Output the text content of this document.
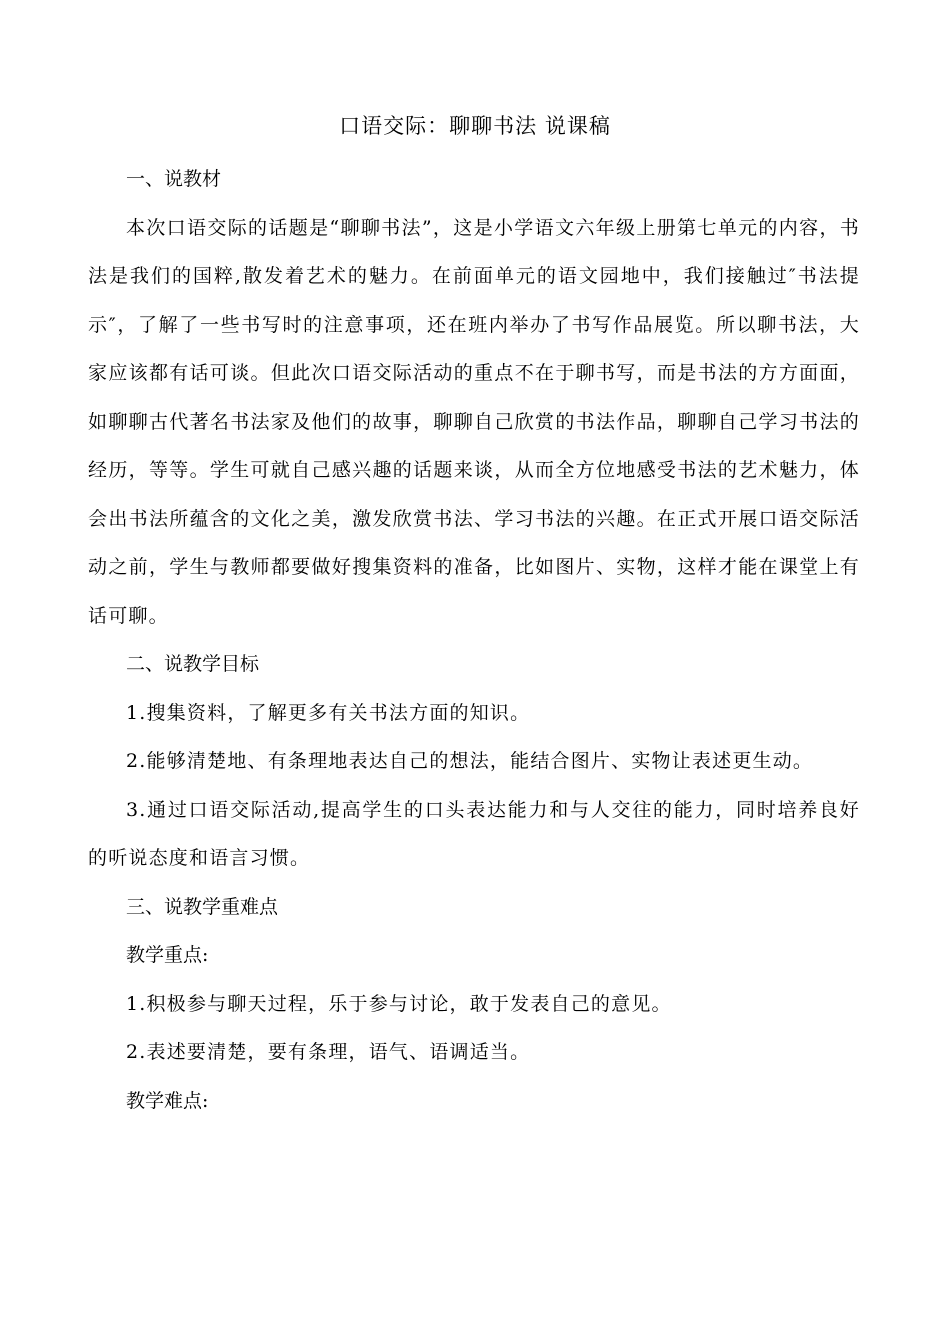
口语交际：聊聊书法 说课稿

一、说教材

本次口语交际的话题是“聊聊书法”，这是小学语文六年级上册第七单元的内容，书法是我们的国粹,散发着艺术的魅力。在前面单元的语文园地中，我们接触过″书法提示″，了解了一些书写时的注意事项，还在班内举办了书写作品展览。所以聊书法，大家应该都有话可谈。但此次口语交际活动的重点不在于聊书写，而是书法的方方面面，如聊聊古代著名书法家及他们的故事，聊聊自己欣赏的书法作品，聊聊自己学习书法的经历，等等。学生可就自己感兴趣的话题来谈，从而全方位地感受书法的艺术魅力，体会出书法所蕴含的文化之美，激发欣赏书法、学习书法的兴趣。在正式开展口语交际活动之前，学生与教师都要做好搜集资料的准备，比如图片、实物，这样才能在课堂上有话可聊。

二、说教学目标

1.搜集资料，了解更多有关书法方面的知识。

2.能够清楚地、有条理地表达自己的想法，能结合图片、实物让表述更生动。

3.通过口语交际活动,提高学生的口头表达能力和与人交往的能力，同时培养良好的听说态度和语言习惯。

三、说教学重难点

教学重点:

1.积极参与聊天过程，乐于参与讨论，敢于发表自己的意见。

2.表述要清楚，要有条理，语气、语调适当。

教学难点:
